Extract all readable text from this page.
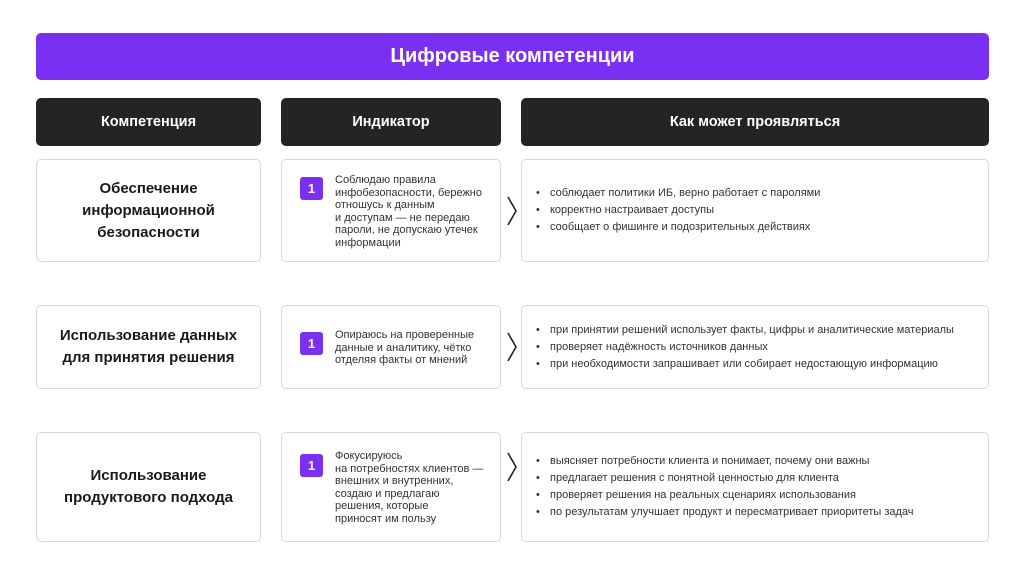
Цифровые компетенции
Компетенция	Индикатор	Как может проявляться
Обеспечение
информационной
безопасности
1
Соблюдаю правила
инфобезопасности, бережно
отношусь к данным
и доступам — не передаю
пароли, не допускаю утечек
информации
•
соблюдает политики ИБ, верно работает с паролями
•
корректно настраивает доступы
•
сообщает о фишинге и подозрительных действиях
Использование данных
для принятия решения
1
Опираюсь на проверенные
данные и аналитику, чётко
отделяя факты от мнений
•
при принятии решений использует факты, цифры и аналитические материалы
•
проверяет надёжность источников данных
•
при необходимости запрашивает или собирает недостающую информацию
Использование
продуктового подхода
1
Фокусируюсь
на потребностях клиентов —
внешних и внутренних,
создаю и предлагаю
решения, которые
приносят им пользу
•
выясняет потребности клиента и понимает, почему они важны
•
предлагает решения с понятной ценностью для клиента
•
проверяет решения на реальных сценариях использования
•
по результатам улучшает продукт и пересматривает приоритеты задач
